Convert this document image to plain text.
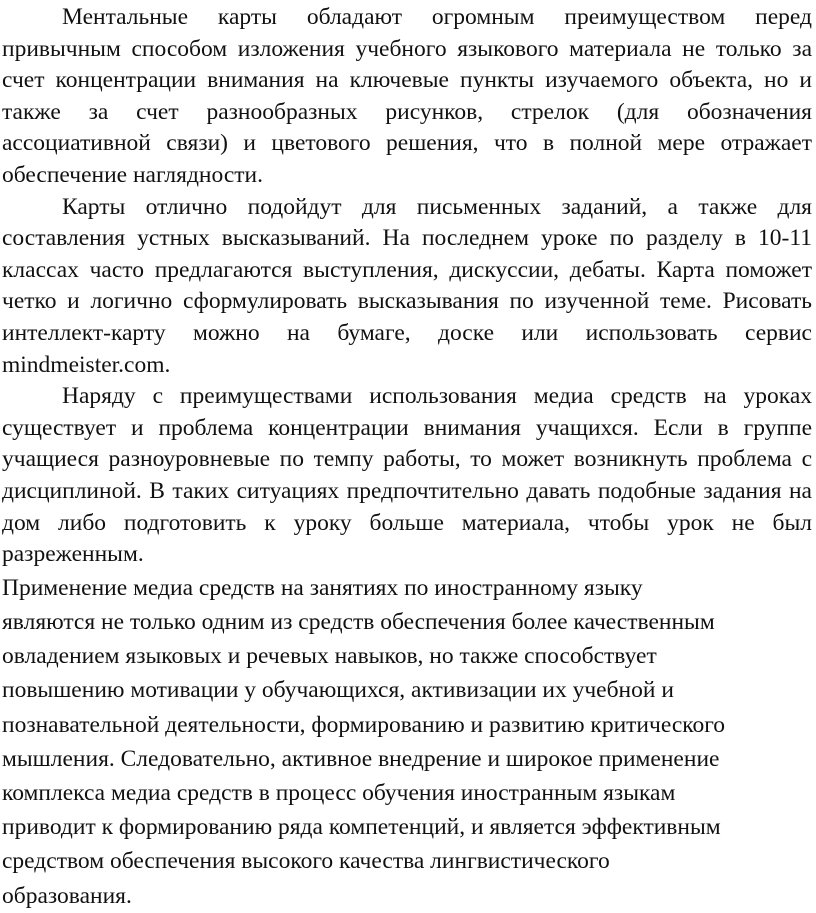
Ментальные карты обладают огромным преимуществом перед привычным способом изложения учебного языкового материала не только за счет концентрации внимания на ключевые пункты изучаемого объекта, но и также за счет разнообразных рисунков, стрелок (для обозначения ассоциативной связи) и цветового решения, что в полной мере отражает обеспечение наглядности.

Карты отлично подойдут для письменных заданий, а также для составления устных высказываний. На последнем уроке по разделу в 10-11 классах часто предлагаются выступления, дискуссии, дебаты. Карта поможет четко и логично сформулировать высказывания по изученной теме. Рисовать интеллект-карту можно на бумаге, доске или использовать сервис mindmeister.com.

Наряду с преимуществами использования медиа средств на уроках существует и проблема концентрации внимания учащихся. Если в группе учащиеся разноуровневые по темпу работы, то может возникнуть проблема с дисциплиной. В таких ситуациях предпочтительно давать подобные задания на дом либо подготовить к уроку больше материала, чтобы урок не был разреженным.

Применение медиа средств на занятиях по иностранному языку
являются не только одним из средств обеспечения более качественным
овладением языковых и речевых навыков, но также способствует
повышению мотивации у обучающихся, активизации их учебной и
познавательной деятельности, формированию и развитию критического
мышления. Следовательно, активное внедрение и широкое применение
комплекса медиа средств в процесс обучения иностранным языкам
приводит к формированию ряда компетенций, и является эффективным
средством обеспечения высокого качества лингвистического
образования.
